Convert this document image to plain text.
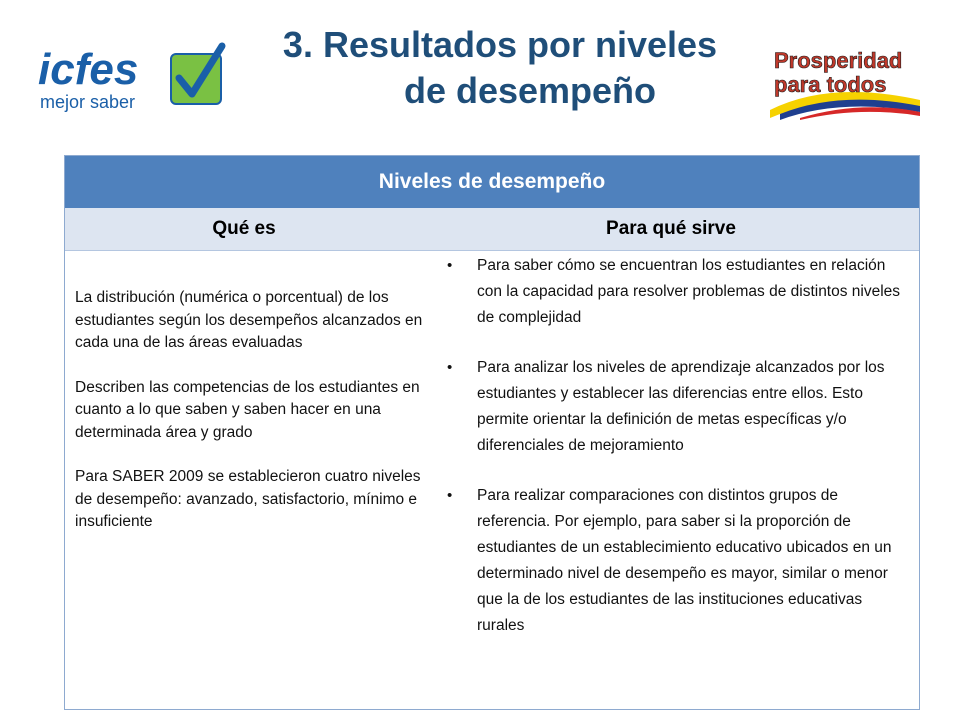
icfes
mejor saber
3. Resultados por niveles
de desempeño
Prosperidad
para todos
Niveles de desempeño
Qué es	Para qué sirve

La distribución (numérica o porcentual) de los estudiantes según los desempeños alcanzados en cada una de las áreas evaluadas

Describen las competencias de los estudiantes en cuanto a lo que saben y saben hacer en una determinada área y grado

Para SABER 2009 se establecieron cuatro niveles de desempeño: avanzado, satisfactorio, mínimo e insuficiente

• Para saber cómo se encuentran los estudiantes en relación con la capacidad para resolver problemas de distintos niveles de complejidad
• Para analizar los niveles de aprendizaje alcanzados por los estudiantes y establecer las diferencias entre ellos. Esto permite orientar la definición de metas específicas y/o diferenciales de mejoramiento
• Para realizar comparaciones con distintos grupos de referencia. Por ejemplo, para saber si la proporción de estudiantes de un establecimiento educativo ubicados en un determinado nivel de desempeño es mayor, similar o menor que la de los estudiantes de las instituciones educativas rurales
